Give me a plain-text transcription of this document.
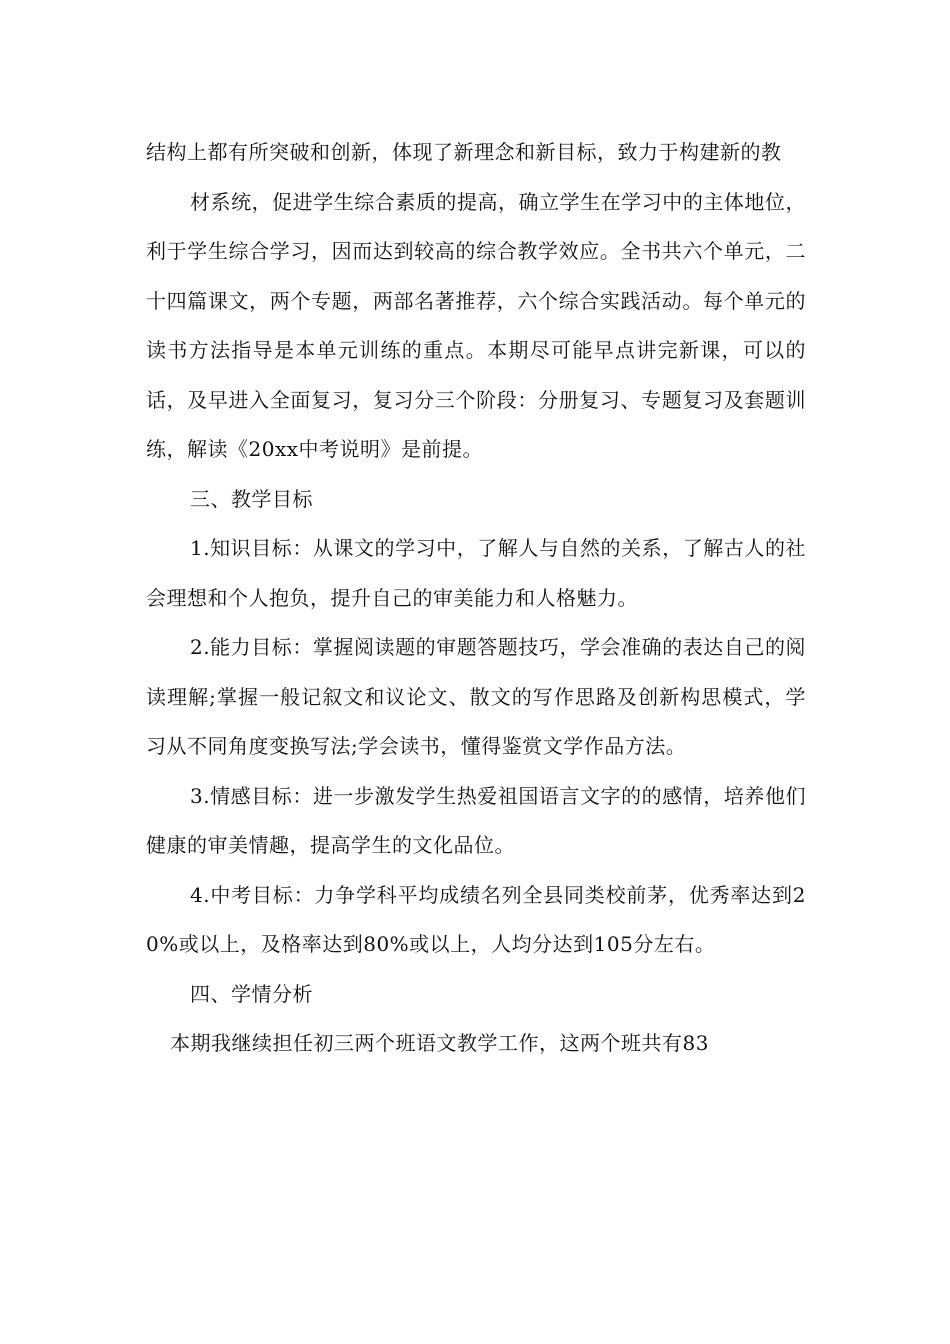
结构上都有所突破和创新，体现了新理念和新目标，致力于构建新的教

材系统，促进学生综合素质的提高，确立学生在学习中的主体地位，利于学生综合学习，因而达到较高的综合教学效应。全书共六个单元，二十四篇课文，两个专题，两部名著推荐，六个综合实践活动。每个单元的读书方法指导是本单元训练的重点。本期尽可能早点讲完新课，可以的话，及早进入全面复习，复习分三个阶段：分册复习、专题复习及套题训练，解读《20xx中考说明》是前提。

三、教学目标

1.知识目标：从课文的学习中，了解人与自然的关系，了解古人的社会理想和个人抱负，提升自己的审美能力和人格魅力。

2.能力目标：掌握阅读题的审题答题技巧，学会准确的表达自己的阅读理解;掌握一般记叙文和议论文、散文的写作思路及创新构思模式，学习从不同角度变换写法;学会读书，懂得鉴赏文学作品方法。

3.情感目标：进一步激发学生热爱祖国语言文字的的感情，培养他们健康的审美情趣，提高学生的文化品位。

4.中考目标：力争学科平均成绩名列全县同类校前茅，优秀率达到20%或以上，及格率达到80%或以上，人均分达到105分左右。

四、学情分析

本期我继续担任初三两个班语文教学工作，这两个班共有83
